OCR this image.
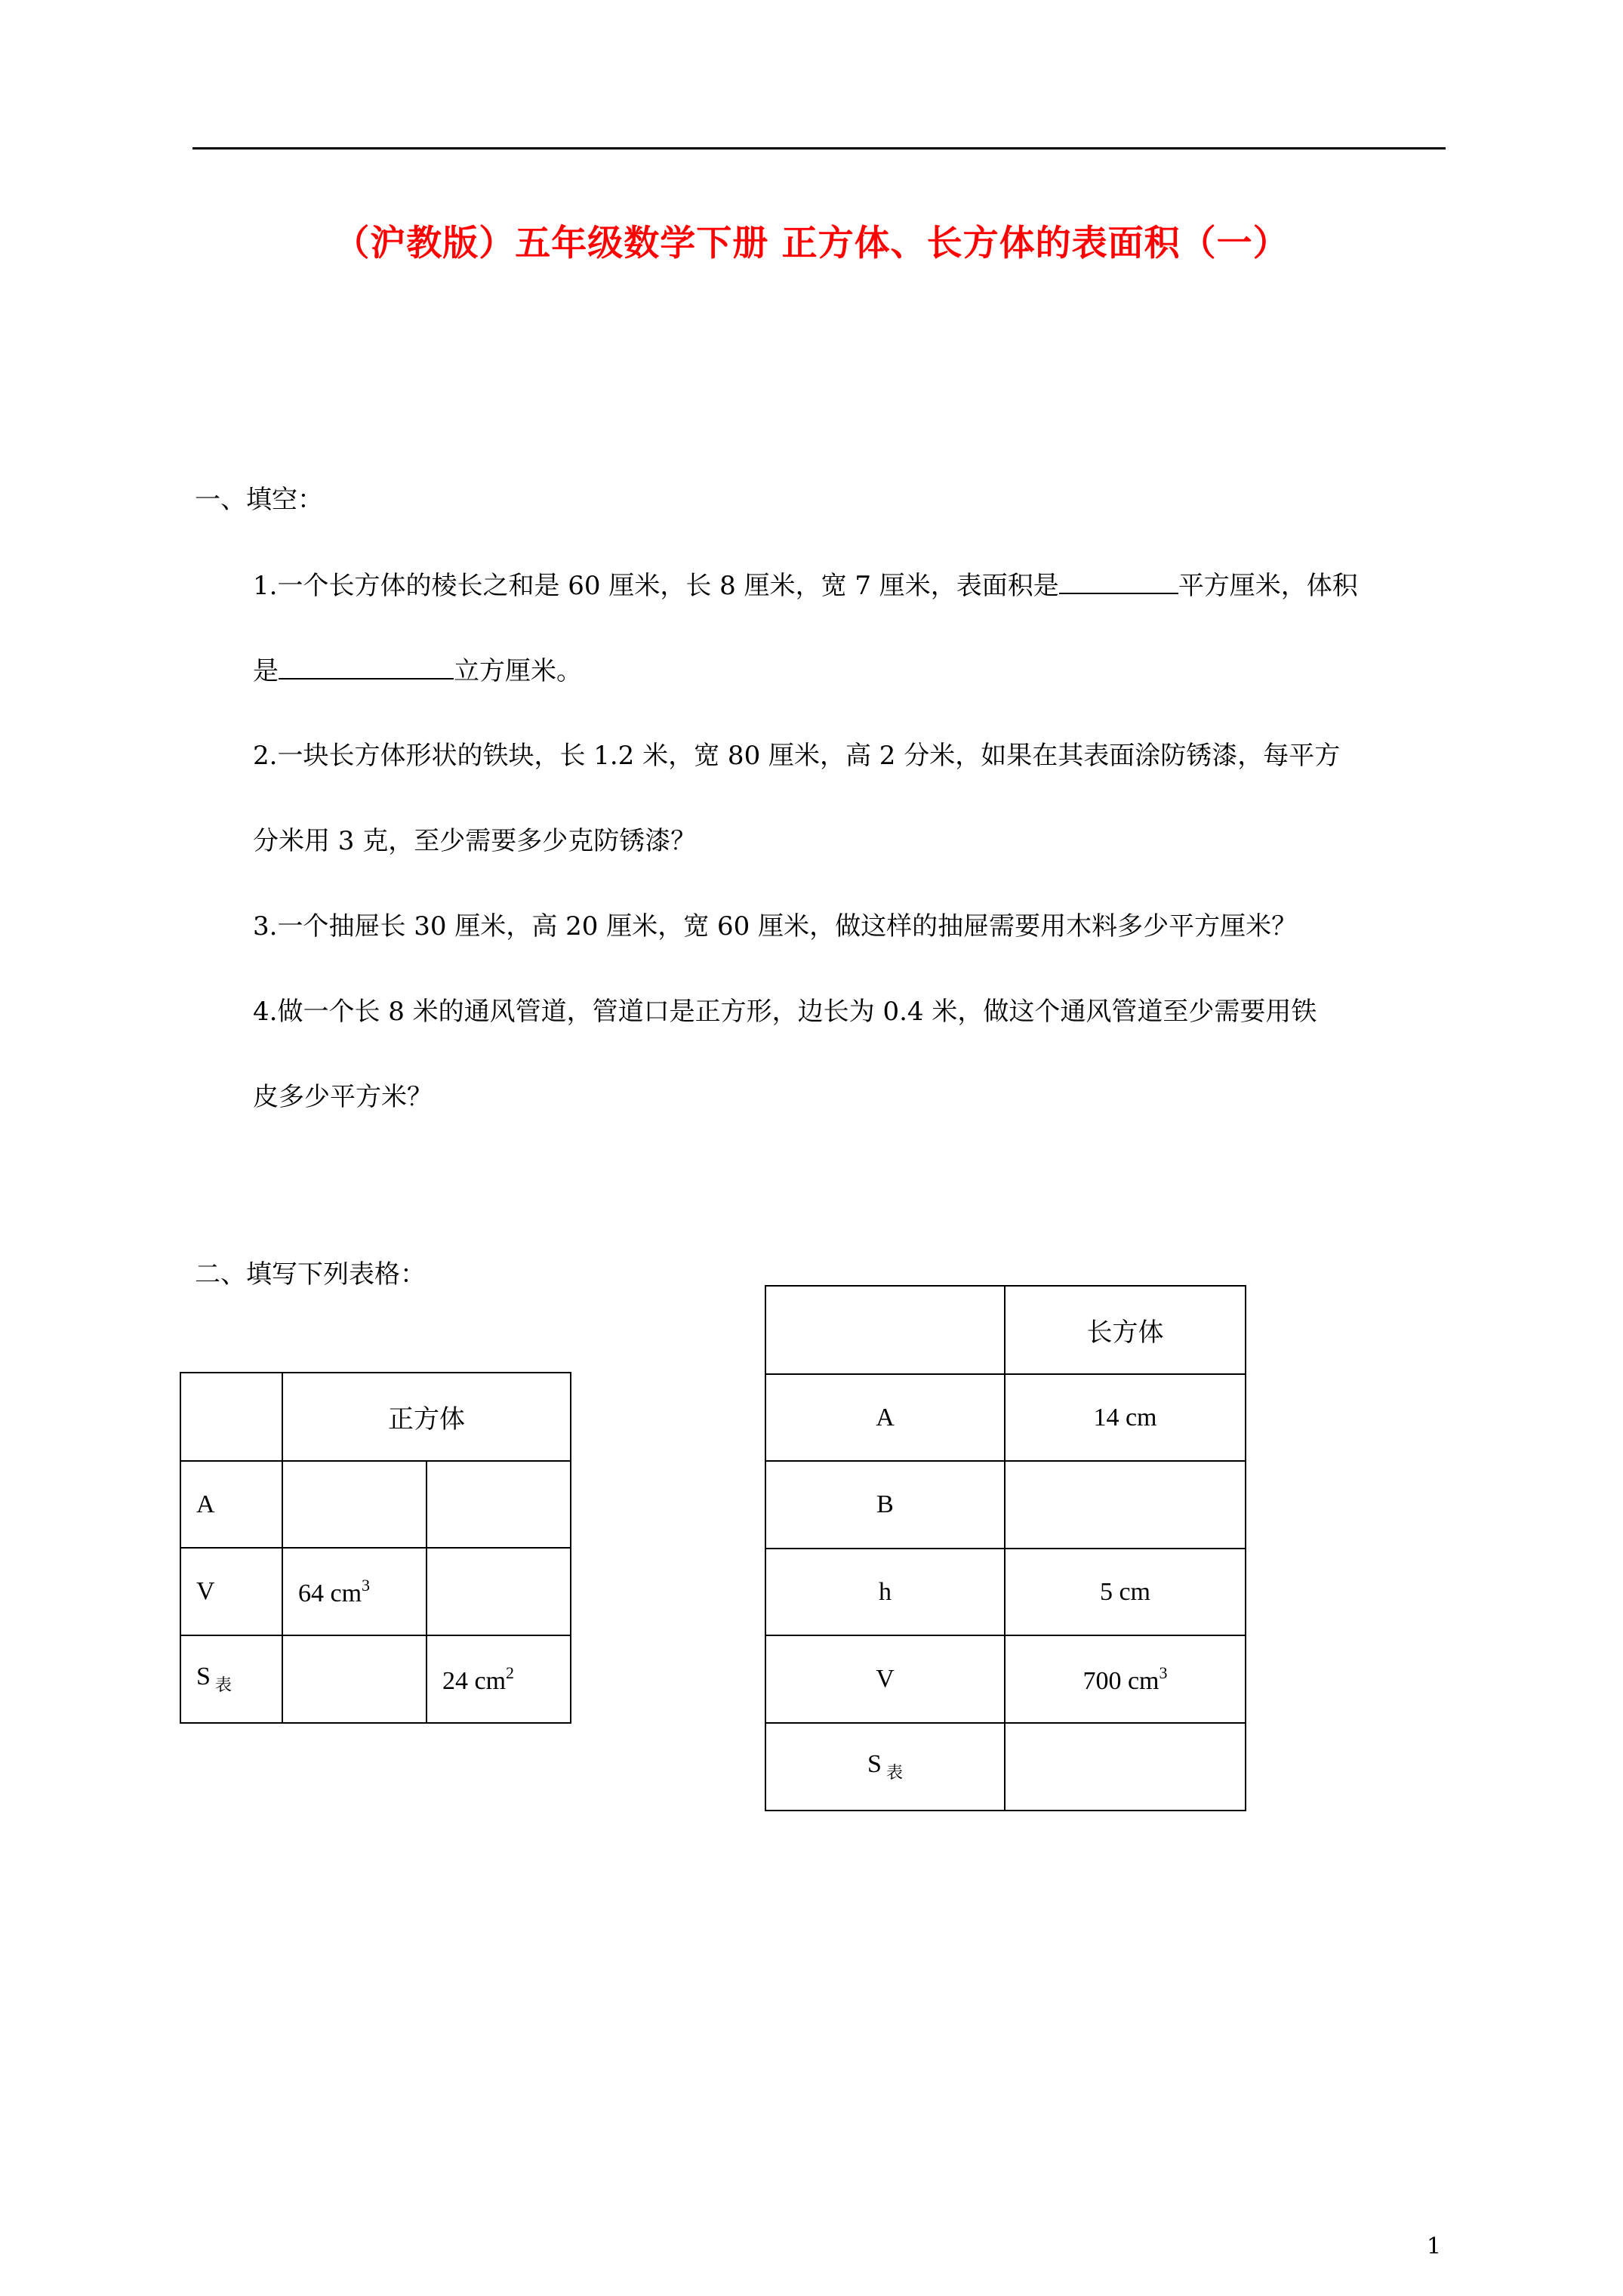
（沪教版）五年级数学下册 正方体、长方体的表面积（一）
一、填空：
1.一个长方体的棱长之和是 60 厘米，长 8 厘米，宽 7 厘米，表面积是	平方厘米，体积
是	立方厘米。
2.一块长方体形状的铁块，长 1.2 米，宽 80 厘米，高 2 分米，如果在其表面涂防锈漆，每平方
分米用 3 克，至少需要多少克防锈漆？
3.一个抽屉长 30 厘米，高 20 厘米，宽 60 厘米，做这样的抽屉需要用木料多少平方厘米？
4.做一个长 8 米的通风管道，管道口是正方形，边长为 0.4 米，做这个通风管道至少需要用铁
皮多少平方米？
二、填写下列表格：
	正方体	
A		
V	64 $cm^3$	
S $_表$		24 $cm^2$
	长方体
A	14 cm
B	
h	5 cm
V	700 $cm^3$
S $_表$	
1
